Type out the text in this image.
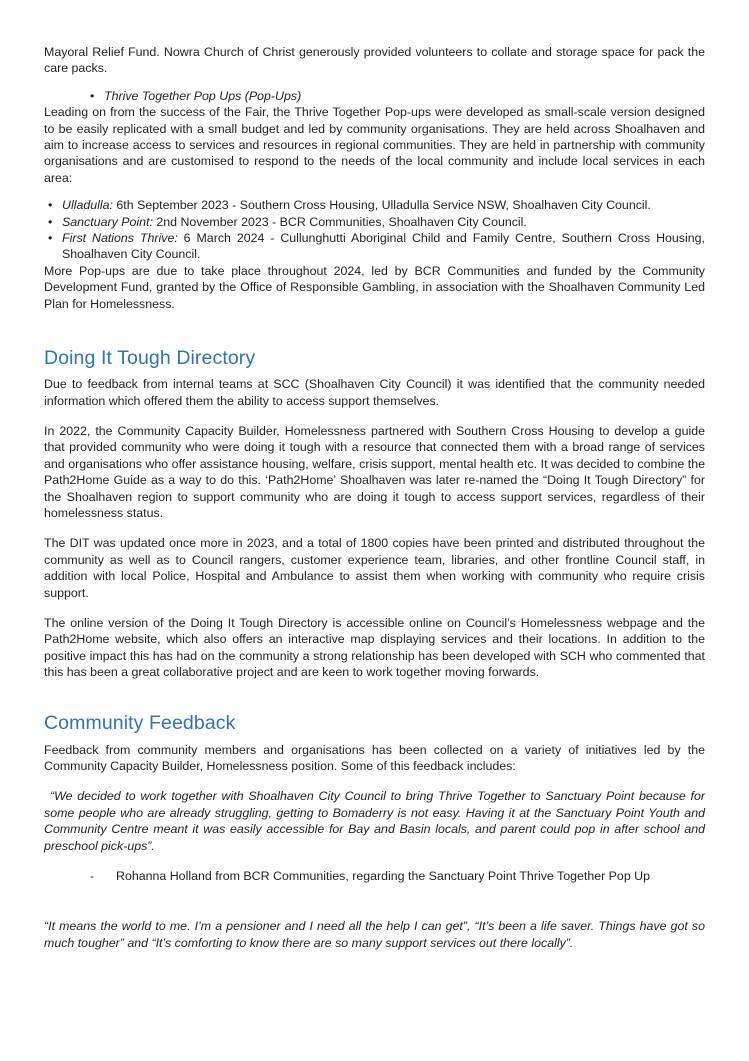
Mayoral Relief Fund. Nowra Church of Christ generously provided volunteers to collate and storage space for pack the care packs.

• Thrive Together Pop Ups (Pop-Ups)

Leading on from the success of the Fair, the Thrive Together Pop-ups were developed as small-scale version designed to be easily replicated with a small budget and led by community organisations. They are held across Shoalhaven and aim to increase access to services and resources in regional communities. They are held in partnership with community organisations and are customised to respond to the needs of the local community and include local services in each area:

• Ulladulla: 6th September 2023 - Southern Cross Housing, Ulladulla Service NSW, Shoalhaven City Council.
• Sanctuary Point: 2nd November 2023 - BCR Communities, Shoalhaven City Council.
• First Nations Thrive: 6 March 2024 - Cullunghutti Aboriginal Child and Family Centre, Southern Cross Housing, Shoalhaven City Council.

More Pop-ups are due to take place throughout 2024, led by BCR Communities and funded by the Community Development Fund, granted by the Office of Responsible Gambling, in association with the Shoalhaven Community Led Plan for Homelessness.

Doing It Tough Directory

Due to feedback from internal teams at SCC (Shoalhaven City Council) it was identified that the community needed information which offered them the ability to access support themselves.

In 2022, the Community Capacity Builder, Homelessness partnered with Southern Cross Housing to develop a guide that provided community who were doing it tough with a resource that connected them with a broad range of services and organisations who offer assistance housing, welfare, crisis support, mental health etc. It was decided to combine the Path2Home Guide as a way to do this. ‘Path2Home’ Shoalhaven was later re-named the “Doing It Tough Directory” for the Shoalhaven region to support community who are doing it tough to access support services, regardless of their homelessness status.

The DIT was updated once more in 2023, and a total of 1800 copies have been printed and distributed throughout the community as well as to Council rangers, customer experience team, libraries, and other frontline Council staff, in addition with local Police, Hospital and Ambulance to assist them when working with community who require crisis support.

The online version of the Doing It Tough Directory is accessible online on Council’s Homelessness webpage and the Path2Home website, which also offers an interactive map displaying services and their locations. In addition to the positive impact this has had on the community a strong relationship has been developed with SCH who commented that this has been a great collaborative project and are keen to work together moving forwards.

Community Feedback

Feedback from community members and organisations has been collected on a variety of initiatives led by the Community Capacity Builder, Homelessness position. Some of this feedback includes:

“We decided to work together with Shoalhaven City Council to bring Thrive Together to Sanctuary Point because for some people who are already struggling, getting to Bomaderry is not easy. Having it at the Sanctuary Point Youth and Community Centre meant it was easily accessible for Bay and Basin locals, and parent could pop in after school and preschool pick-ups”.
-	Rohanna Holland from BCR Communities, regarding the Sanctuary Point Thrive Together Pop Up
“It means the world to me. I’m a pensioner and I need all the help I can get”, “It’s been a life saver. Things have got so much tougher” and “It’s comforting to know there are so many support services out there locally”.
